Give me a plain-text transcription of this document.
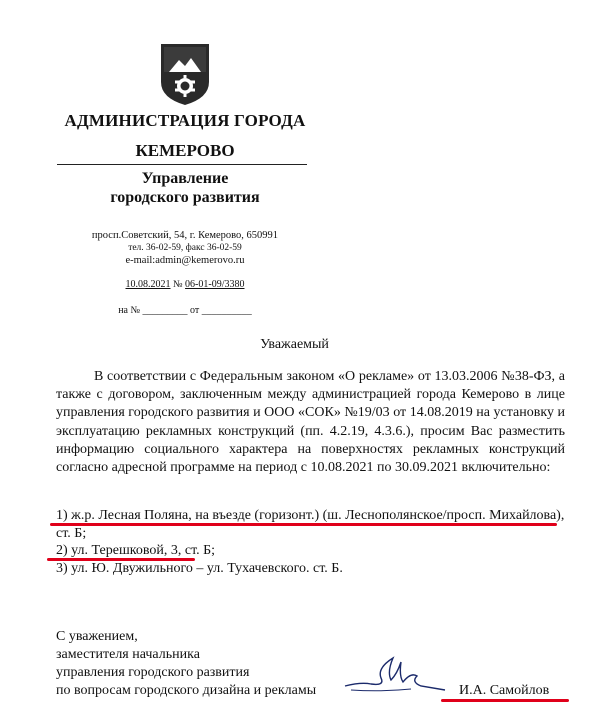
АДМИНИСТРАЦИЯ ГОРОДА
КЕМЕРОВО
Управление
городского развития
просп.Советский, 54, г. Кемерово, 650991
тел. 36-02-59, факс 36-02-59
e-mail:admin@kemerovo.ru
10.08.2021 № 06-01-09/3380
на № _________ от __________
Уважаемый

В соответствии с Федеральным законом «О рекламе» от 13.03.2006 №38-ФЗ, а также с договором, заключенным между администрацией города Кемерово в лице управления городского развития и ООО «СОК» №19/03 от 14.08.2019 на установку и эксплуатацию рекламных конструкций (пп. 4.2.19, 4.3.6.), просим Вас разместить информацию социального характера на поверхностях рекламных конструкций согласно адресной программе на период с 10.08.2021 по 30.09.2021 включительно:

1) ж.р. Лесная Поляна, на въезде (горизонт.) (ш. Леснополянское/просп. Михайлова),
ст. Б;
2) ул. Терешковой, 3, ст. Б;
3) ул. Ю. Двужильного – ул. Тухачевского. ст. Б.
С уважением,
заместителя начальника
управления городского развития
по вопросам городского дизайна и рекламы	И.А. Самойлов
